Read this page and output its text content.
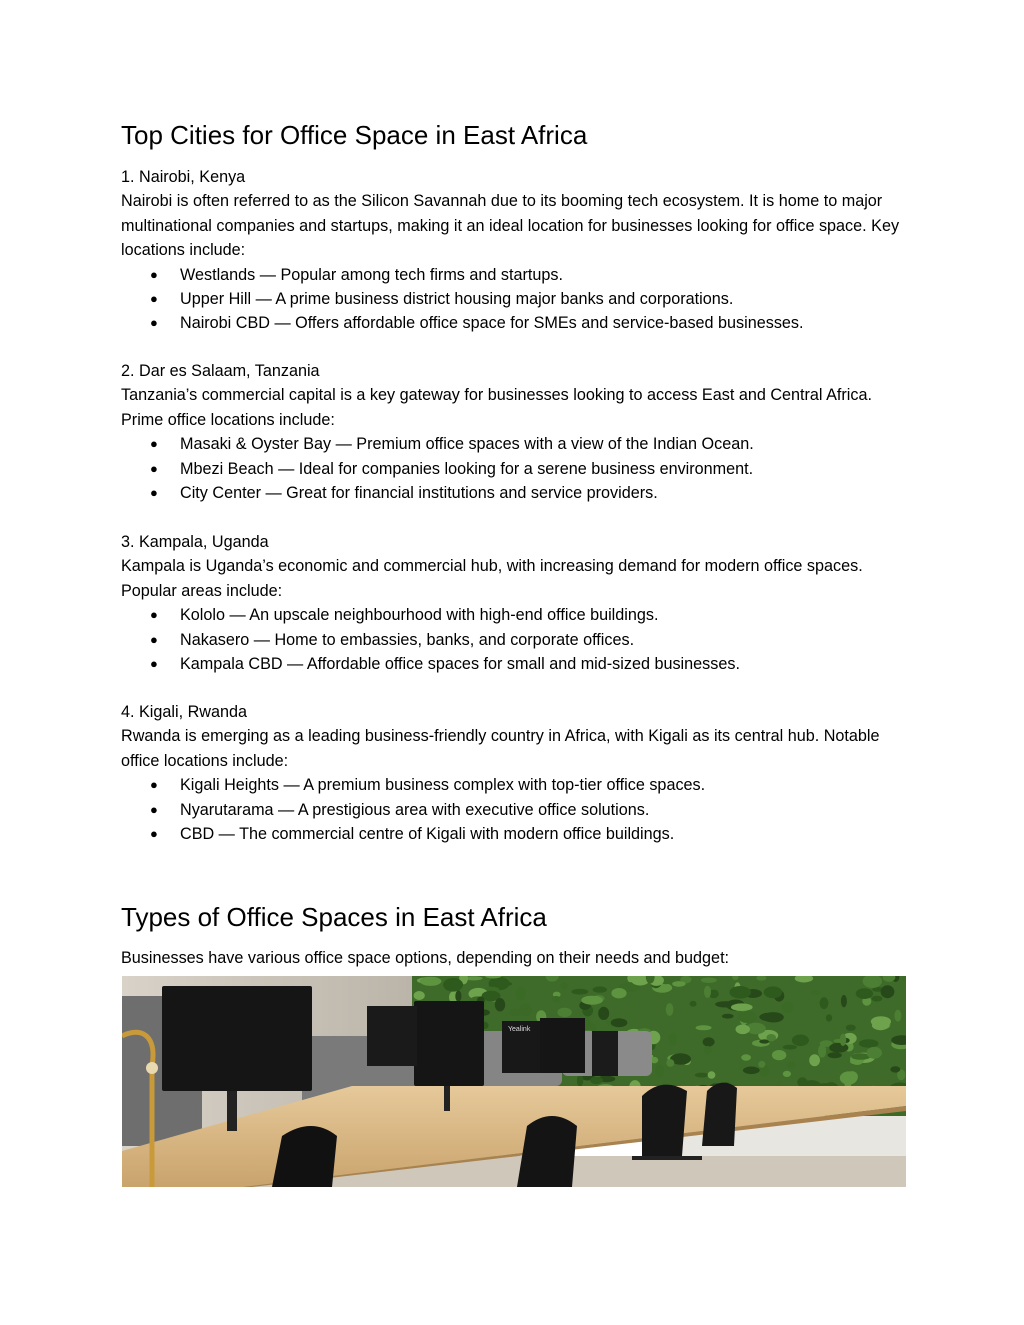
Top Cities for Office Space in East Africa

1. Nairobi, Kenya

Nairobi is often referred to as the Silicon Savannah due to its booming tech ecosystem. It is home to major multinational companies and startups, making it an ideal location for businesses looking for office space. Key locations include:

● Westlands — Popular among tech firms and startups.
● Upper Hill — A prime business district housing major banks and corporations.
● Nairobi CBD — Offers affordable office space for SMEs and service-based businesses.

2. Dar es Salaam, Tanzania

Tanzania’s commercial capital is a key gateway for businesses looking to access East and Central Africa. Prime office locations include:

● Masaki & Oyster Bay — Premium office spaces with a view of the Indian Ocean.
● Mbezi Beach — Ideal for companies looking for a serene business environment.
● City Center — Great for financial institutions and service providers.

3. Kampala, Uganda

Kampala is Uganda’s economic and commercial hub, with increasing demand for modern office spaces. Popular areas include:

● Kololo — An upscale neighbourhood with high-end office buildings.
● Nakasero — Home to embassies, banks, and corporate offices.
● Kampala CBD — Affordable office spaces for small and mid-sized businesses.

4. Kigali, Rwanda

Rwanda is emerging as a leading business-friendly country in Africa, with Kigali as its central hub. Notable office locations include:

● Kigali Heights — A premium business complex with top-tier office spaces.
● Nyarutarama — A prestigious area with executive office solutions.
● CBD — The commercial centre of Kigali with modern office buildings.
Types of Office Spaces in East Africa

Businesses have various office space options, depending on their needs and budget:

Yealink
